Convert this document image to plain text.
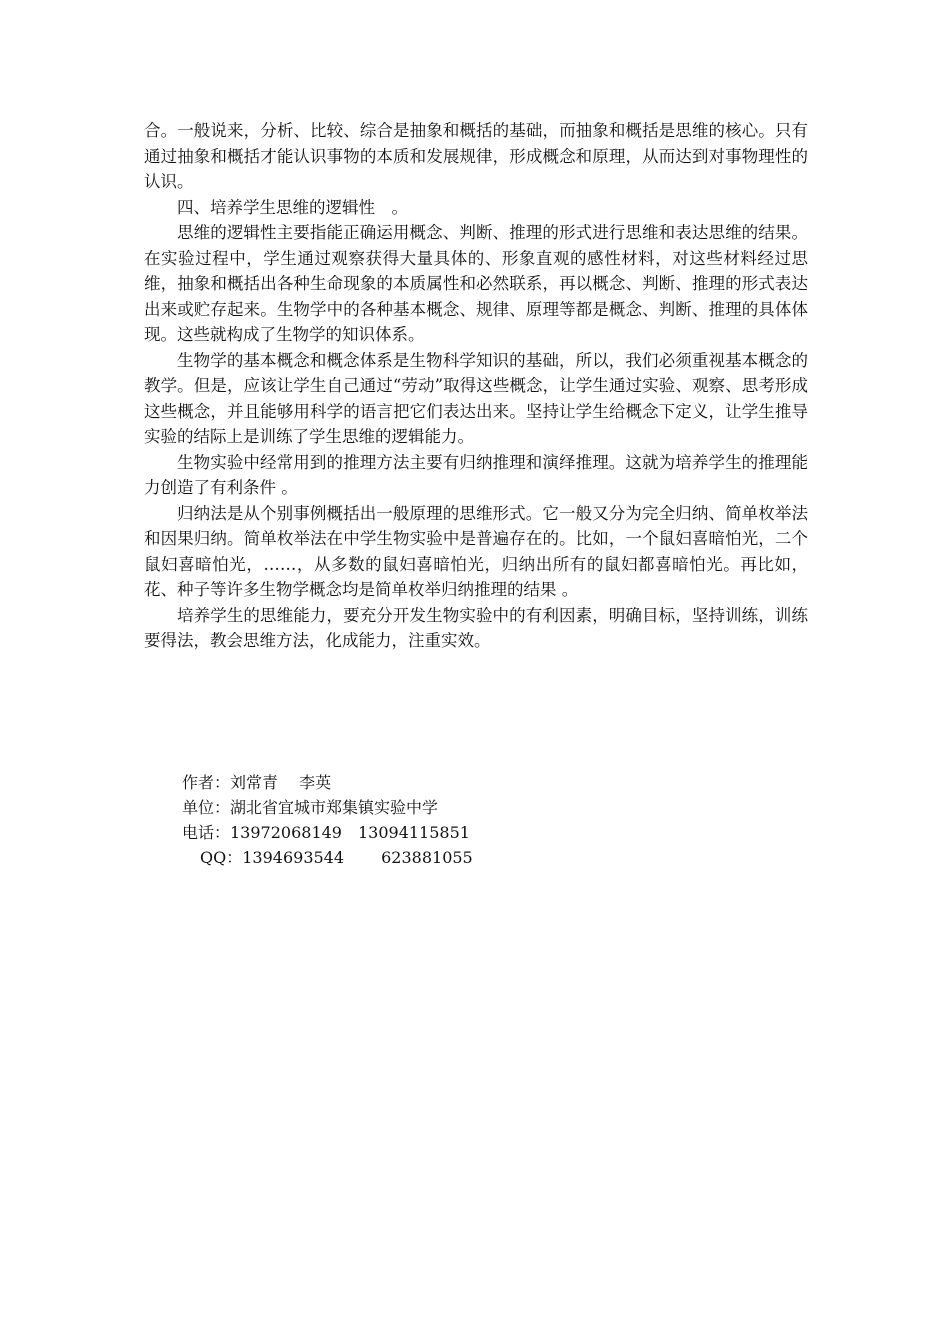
合。一般说来，分析、比较、综合是抽象和概括的基础，而抽象和概括是思维的核心。只有通过抽象和概括才能认识事物的本质和发展规律，形成概念和原理，从而达到对事物理性的认识。

四、培养学生思维的逻辑性　。

思维的逻辑性主要指能正确运用概念、判断、推理的形式进行思维和表达思维的结果。在实验过程中，学生通过观察获得大量具体的、形象直观的感性材料，对这些材料经过思维，抽象和概括出各种生命现象的本质属性和必然联系，再以概念、判断、推理的形式表达出来或贮存起来。生物学中的各种基本概念、规律、原理等都是概念、判断、推理的具体体现。这些就构成了生物学的知识体系。

生物学的基本概念和概念体系是生物科学知识的基础，所以，我们必须重视基本概念的教学。但是，应该让学生自己通过“劳动”取得这些概念，让学生通过实验、观察、思考形成这些概念，并且能够用科学的语言把它们表达出来。坚持让学生给概念下定义，让学生推导实验的结际上是训练了学生思维的逻辑能力。

生物实验中经常用到的推理方法主要有归纳推理和演绎推理。这就为培养学生的推理能力创造了有利条件 。

归纳法是从个别事例概括出一般原理的思维形式。它一般又分为完全归纳、简单枚举法和因果归纳。简单枚举法在中学生物实验中是普遍存在的。比如，一个鼠妇喜暗怕光，二个鼠妇喜暗怕光，……，从多数的鼠妇喜暗怕光，归纳出所有的鼠妇都喜暗怕光。再比如，花、种子等许多生物学概念均是简单枚举归纳推理的结果 。

培养学生的思维能力，要充分开发生物实验中的有利因素，明确目标，坚持训练，训练要得法，教会思维方法，化成能力，注重实效。

作者：刘常青　 李英

单位：湖北省宜城市郑集镇实验中学

电话：13972068149　13094115851

QQ：1394693544　　 623881055
